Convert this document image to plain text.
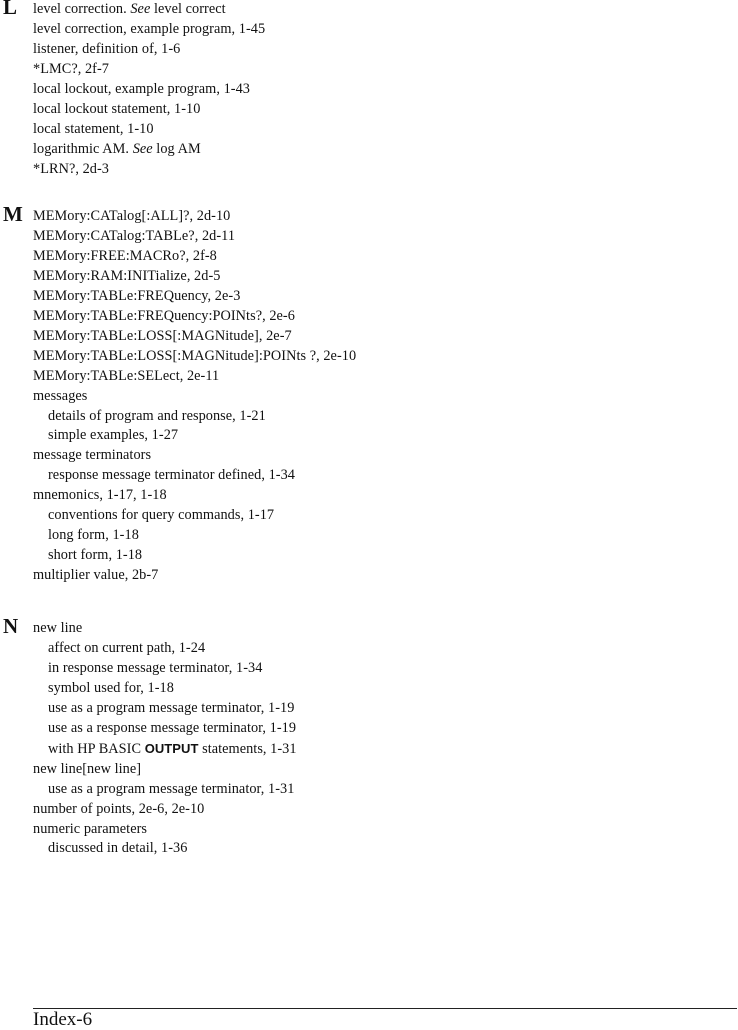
L level correction. See level correct
level correction, example program, 1-45
listener, definition of, 1-6
*LMC?, 2f-7
local lockout, example program, 1-43
local lockout statement, 1-10
local statement, 1-10
logarithmic AM. See log AM
*LRN?, 2d-3
M MEMory:CATalog[:ALL]?, 2d-10
MEMory:CATalog:TABLe?, 2d-11
MEMory:FREE:MACRo?, 2f-8
MEMory:RAM:INITialize, 2d-5
MEMory:TABLe:FREQuency, 2e-3
MEMory:TABLe:FREQuency:POINts?, 2e-6
MEMory:TABLe:LOSS[:MAGNitude], 2e-7
MEMory:TABLe:LOSS[:MAGNitude]:POINts ?, 2e-10
MEMory:TABLe:SELect, 2e-11
messages
details of program and response, 1-21
simple examples, 1-27
message terminators
response message terminator defined, 1-34
mnemonics, 1-17, 1-18
conventions for query commands, 1-17
long form, 1-18
short form, 1-18
multiplier value, 2b-7
N new line
affect on current path, 1-24
in response message terminator, 1-34
symbol used for, 1-18
use as a program message terminator, 1-19
use as a response message terminator, 1-19
with HP BASIC OUTPUT statements, 1-31
new line[new line]
use as a program message terminator, 1-31
number of points, 2e-6, 2e-10
numeric parameters
discussed in detail, 1-36
Index-6
